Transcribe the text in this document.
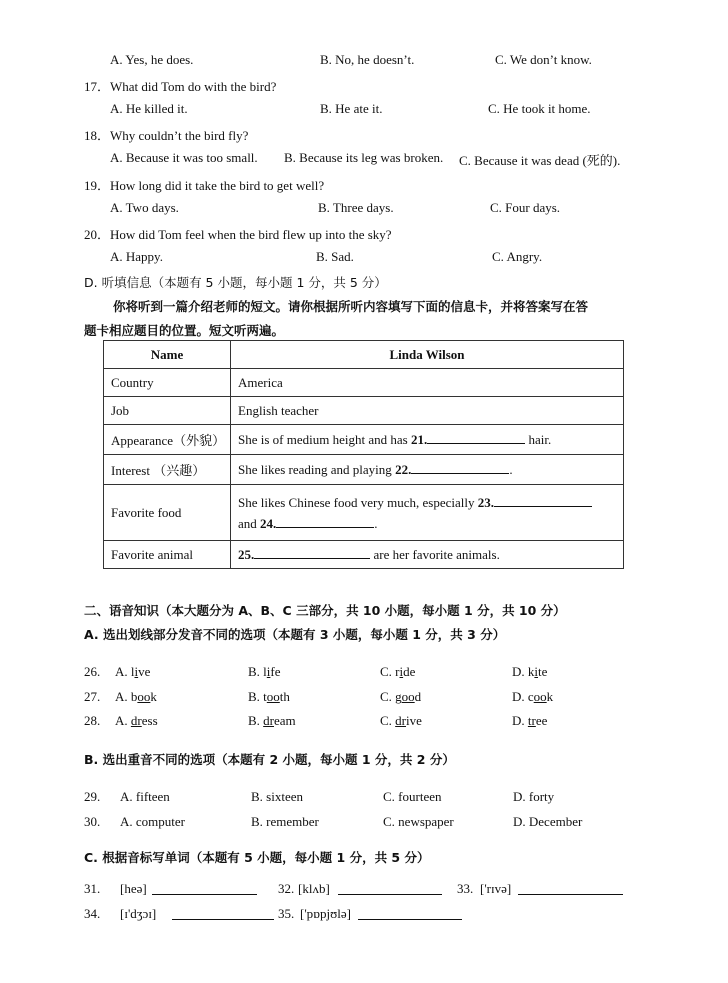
A. Yes, he does.	B. No, he doesn’t.	C. We don’t know.
17．What did Tom do with the bird?
A. He killed it.	B. He ate it.	C. He took it home.
18．Why couldn’t the bird fly?
A. Because it was too small. B. Because its leg was broken. C. Because it was dead (死的).
19．How long did it take the bird to get well?
A. Two days.	B. Three days.	C. Four days.
20．How did Tom feel when the bird flew up into the sky?
A. Happy.	B. Sad.	C. Angry.
D. 听填信息（本题有 5 小题，每小题 1 分，共 5 分）
你将听到一篇介绍老师的短文。请你根据所听内容填写下面的信息卡，并将答案写在答
题卡相应题目的位置。短文听两遍。
Name	Linda Wilson
Country	America
Job	English teacher
Appearance（外貌）	She is of medium height and has 21. hair.
Interest （兴趣）	She likes reading and playing 22. .
Favorite food	She likes Chinese food very much, especially 23.
and 24. .
Favorite animal	25. are her favorite animals.
二、语音知识（本大题分为 A、B、C 三部分，共 10 小题，每小题 1 分，共 10 分）
A. 选出划线部分发音不同的选项（本题有 3 小题，每小题 1 分，共 3 分）
26. A. live	B. life	C. ride	D. kite
27. A. book	B. tooth	C. good	D. cook
28. A. dress	B. dream	C. drive	D. tree
B. 选出重音不同的选项（本题有 2 小题，每小题 1 分，共 2 分）
29. A. fifteen	B. sixteen	C. fourteen	D. forty
30. A. computer	B. remember	C. newspaper	D. December
C. 根据音标写单词（本题有 5 小题，每小题 1 分，共 5 分）
31. [heə]	32. [klʌb]	33. ['rɪvə]
34. [ɪ'dʒɔɪ]	35. ['pɒpjʊlə]
